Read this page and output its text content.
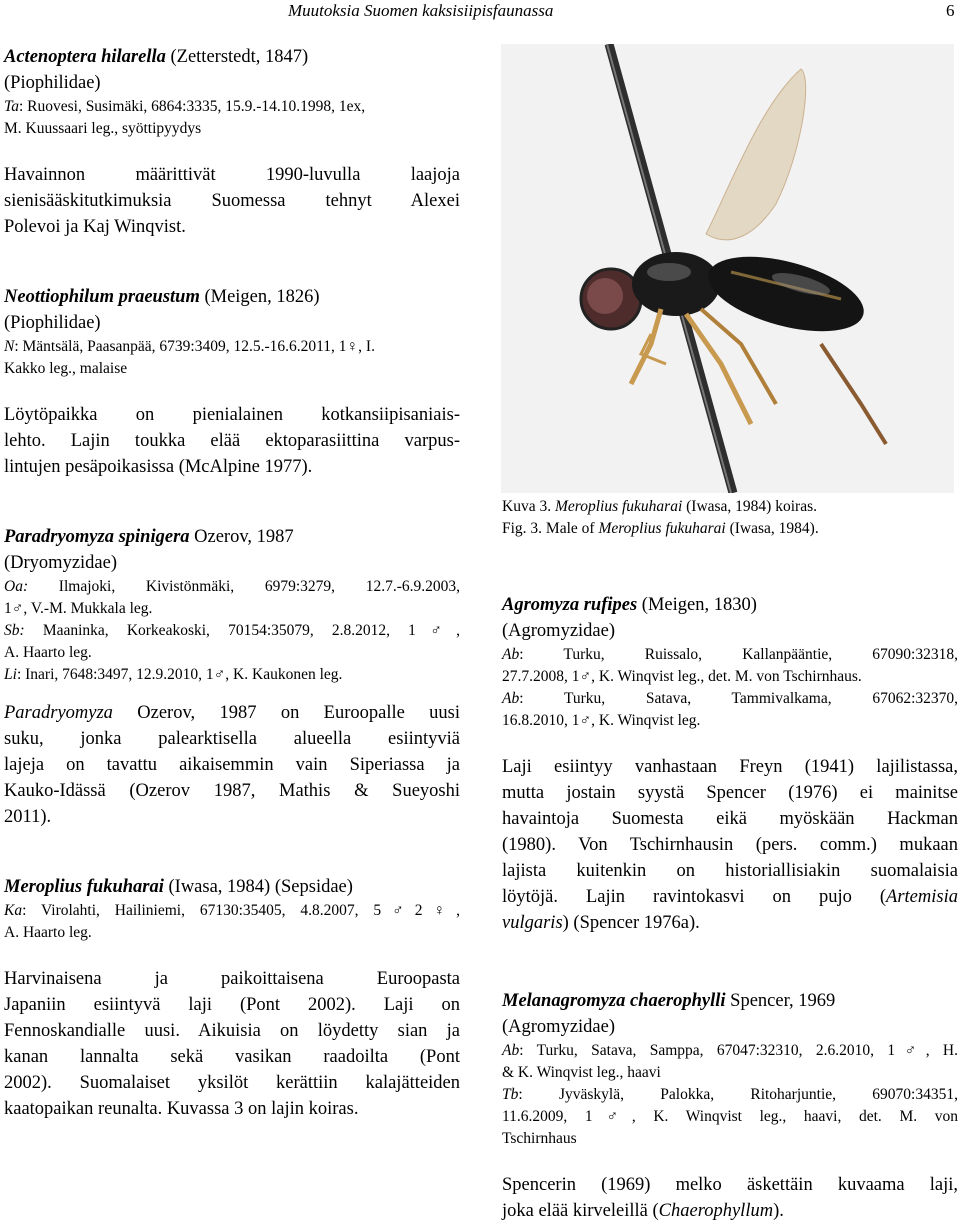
Muutoksia Suomen kaksisiipisfaunassa	6
Actenoptera hilarella (Zetterstedt, 1847)
(Piophilidae)
Ta: Ruovesi, Susimäki, 6864:3335, 15.9.-14.10.1998, 1ex,
M. Kuussaari leg., syöttipyydys
Havainnon määrittivät 1990-luvulla laajoja
sienisääskitutkimuksia Suomessa tehnyt Alexei
Polevoi ja Kaj Winqvist.
Neottiophilum praeustum (Meigen, 1826)
(Piophilidae)
N: Mäntsälä, Paasanpää, 6739:3409, 12.5.-16.6.2011, 1♀, I.
Kakko leg., malaise
Löytöpaikka on pienialainen kotkansiipisaniais-
lehto. Lajin toukka elää ektoparasiittina varpus-
lintujen pesäpoikasissa (McAlpine 1977).
Paradryomyza spinigera Ozerov, 1987
(Dryomyzidae)
Oa: Ilmajoki, Kivistönmäki, 6979:3279, 12.7.-6.9.2003,
1♂, V.-M. Mukkala leg.
Sb: Maaninka, Korkeakoski, 70154:35079, 2.8.2012, 1♂,
A. Haarto leg.
Li: Inari, 7648:3497, 12.9.2010, 1♂, K. Kaukonen leg.
Paradryomyza Ozerov, 1987 on Euroopalle uusi
suku, jonka palearktisella alueella esiintyviä
lajeja on tavattu aikaisemmin vain Siperiassa ja
Kauko-Idässä (Ozerov 1987, Mathis & Sueyoshi
2011).
Meroplius fukuharai (Iwasa, 1984) (Sepsidae)
Ka: Virolahti, Hailiniemi, 67130:35405, 4.8.2007, 5♂2♀,
A. Haarto leg.
Harvinaisena ja paikoittaisena Euroopasta
Japaniin esiintyvä laji (Pont 2002). Laji on
Fennoskandialle uusi. Aikuisia on löydetty sian ja
kanan lannalta sekä vasikan raadoilta (Pont
2002). Suomalaiset yksilöt kerättiin kalajätteiden
kaatopaikan reunalta. Kuvassa 3 on lajin koiras.
Kuva 3. Meroplius fukuharai (Iwasa, 1984) koiras.
Fig. 3. Male of Meroplius fukuharai (Iwasa, 1984).
Agromyza rufipes (Meigen, 1830)
(Agromyzidae)
Ab: Turku, Ruissalo, Kallanpääntie, 67090:32318,
27.7.2008, 1♂, K. Winqvist leg., det. M. von Tschirnhaus.
Ab: Turku, Satava, Tammivalkama, 67062:32370,
16.8.2010, 1♂, K. Winqvist leg.
Laji esiintyy vanhastaan Freyn (1941) lajilistassa,
mutta jostain syystä Spencer (1976) ei mainitse
havaintoja Suomesta eikä myöskään Hackman
(1980). Von Tschirnhausin (pers. comm.) mukaan
lajista kuitenkin on historiallisiakin suomalaisia
löytöjä. Lajin ravintokasvi on pujo (Artemisia
vulgaris) (Spencer 1976a).
Melanagromyza chaerophylli Spencer, 1969
(Agromyzidae)
Ab: Turku, Satava, Samppa, 67047:32310, 2.6.2010, 1♂, H.
& K. Winqvist leg., haavi
Tb: Jyväskylä, Palokka, Ritoharjuntie, 69070:34351,
11.6.2009, 1♂, K. Winqvist leg., haavi, det. M. von
Tschirnhaus
Spencerin (1969) melko äskettäin kuvaama laji,
joka elää kirveleillä (Chaerophyllum).
